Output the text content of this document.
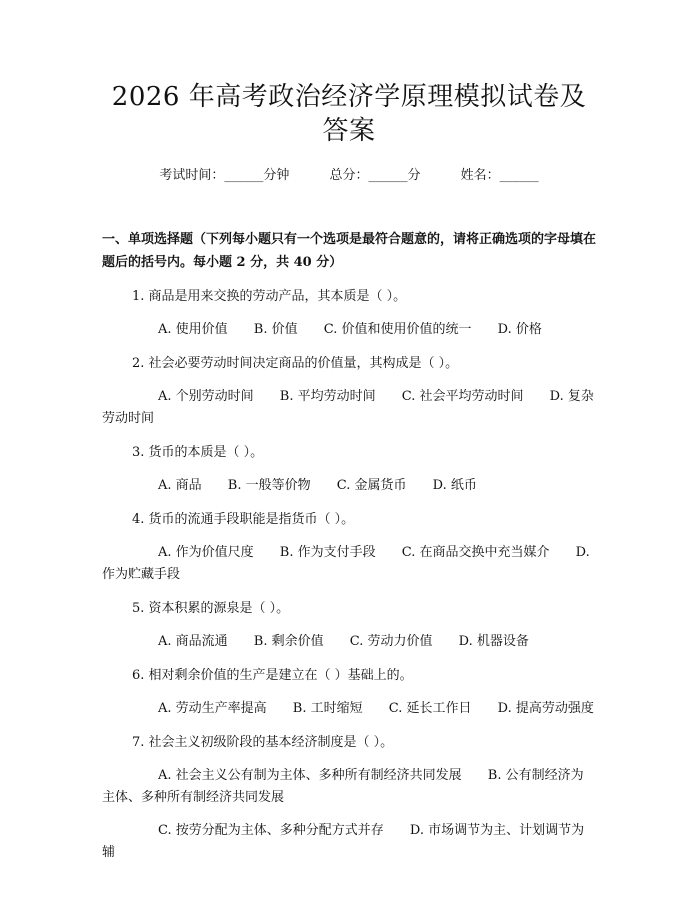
2026 年高考政治经济学原理模拟试卷及答案
考试时间：______分钟	总分：______分	姓名：______
一、单项选择题（下列每小题只有一个选项是最符合题意的，请将正确选项的字母填在题后的括号内。每小题 2 分，共 40 分）
1. 商品是用来交换的劳动产品，其本质是（ ）。
A. 使用价值 B. 价值 C. 价值和使用价值的统一 D. 价格
2. 社会必要劳动时间决定商品的价值量，其构成是（ ）。
A. 个别劳动时间 B. 平均劳动时间 C. 社会平均劳动时间 D. 复杂劳动时间
3. 货币的本质是（ ）。
A. 商品 B. 一般等价物 C. 金属货币 D. 纸币
4. 货币的流通手段职能是指货币（ ）。
A. 作为价值尺度 B. 作为支付手段 C. 在商品交换中充当媒介 D. 作为贮藏手段
5. 资本积累的源泉是（ ）。
A. 商品流通 B. 剩余价值 C. 劳动力价值 D. 机器设备
6. 相对剩余价值的生产是建立在（ ）基础上的。
A. 劳动生产率提高 B. 工时缩短 C. 延长工作日 D. 提高劳动强度
7. 社会主义初级阶段的基本经济制度是（ ）。
A. 社会主义公有制为主体、多种所有制经济共同发展 B. 公有制经济为主体、多种所有制经济共同发展
C. 按劳分配为主体、多种分配方式并存 D. 市场调节为主、计划调节为辅
